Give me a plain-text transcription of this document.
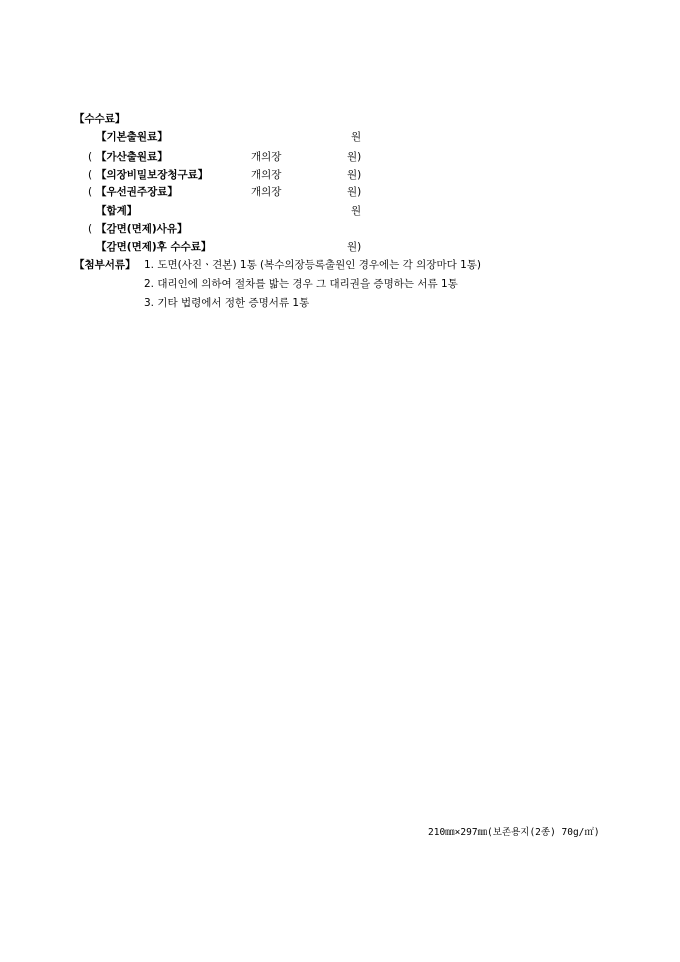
【수수료】
【기본출원료】	원
( 【가산출원료】	개의장	원)
( 【의장비밀보장청구료】	개의장	원)
( 【우선권주장료】	개의장	원)
【합계】	원
( 【감면(면제)사유】
【감면(면제)후 수수료】	원)
【첨부서류】 1. 도면(사진ㆍ견본) 1통 (복수의장등록출원인 경우에는 각 의장마다 1통)
2. 대리인에 의하여 절차를 밟는 경우 그 대리권을 증명하는 서류 1통
3. 기타 법령에서 정한 증명서류 1통
210㎜×297㎜(보존용지(2종) 70g/㎡)
